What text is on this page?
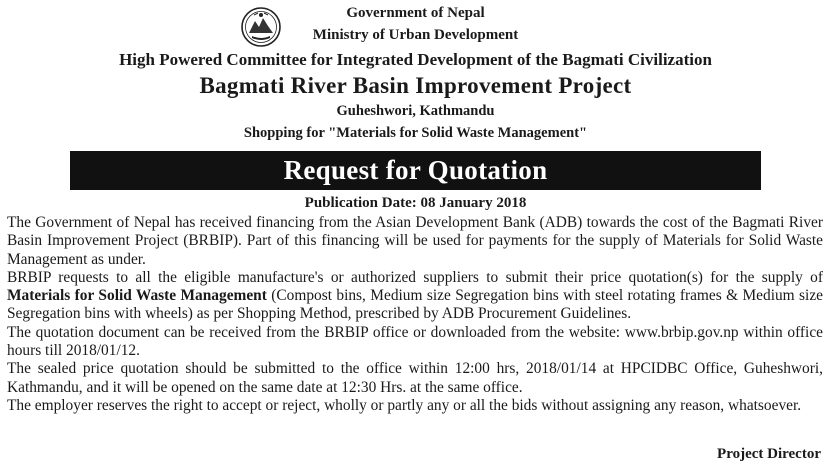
Government of Nepal
Ministry of Urban Development
High Powered Committee for Integrated Development of the Bagmati Civilization
Bagmati River Basin Improvement Project
Guheshwori, Kathmandu
Shopping for "Materials for Solid Waste Management"
Request for Quotation
Publication Date: 08 January 2018

The Government of Nepal has received financing from the Asian Development Bank (ADB) towards the cost of the Bagmati River Basin Improvement Project (BRBIP). Part of this financing will be used for payments for the supply of Materials for Solid Waste Management as under.

BRBIP requests to all the eligible manufacture's or authorized suppliers to submit their price quotation(s) for the supply of Materials for Solid Waste Management (Compost bins, Medium size Segregation bins with steel rotating frames & Medium size Segregation bins with wheels) as per Shopping Method, prescribed by ADB Procurement Guidelines.

The quotation document can be received from the BRBIP office or downloaded from the website: www.brbip.gov.np within office hours till 2018/01/12.

The sealed price quotation should be submitted to the office within 12:00 hrs, 2018/01/14 at HPCIDBC Office, Guheshwori, Kathmandu, and it will be opened on the same date at 12:30 Hrs. at the same office.

The employer reserves the right to accept or reject, wholly or partly any or all the bids without assigning any reason, whatsoever.

Project Director
